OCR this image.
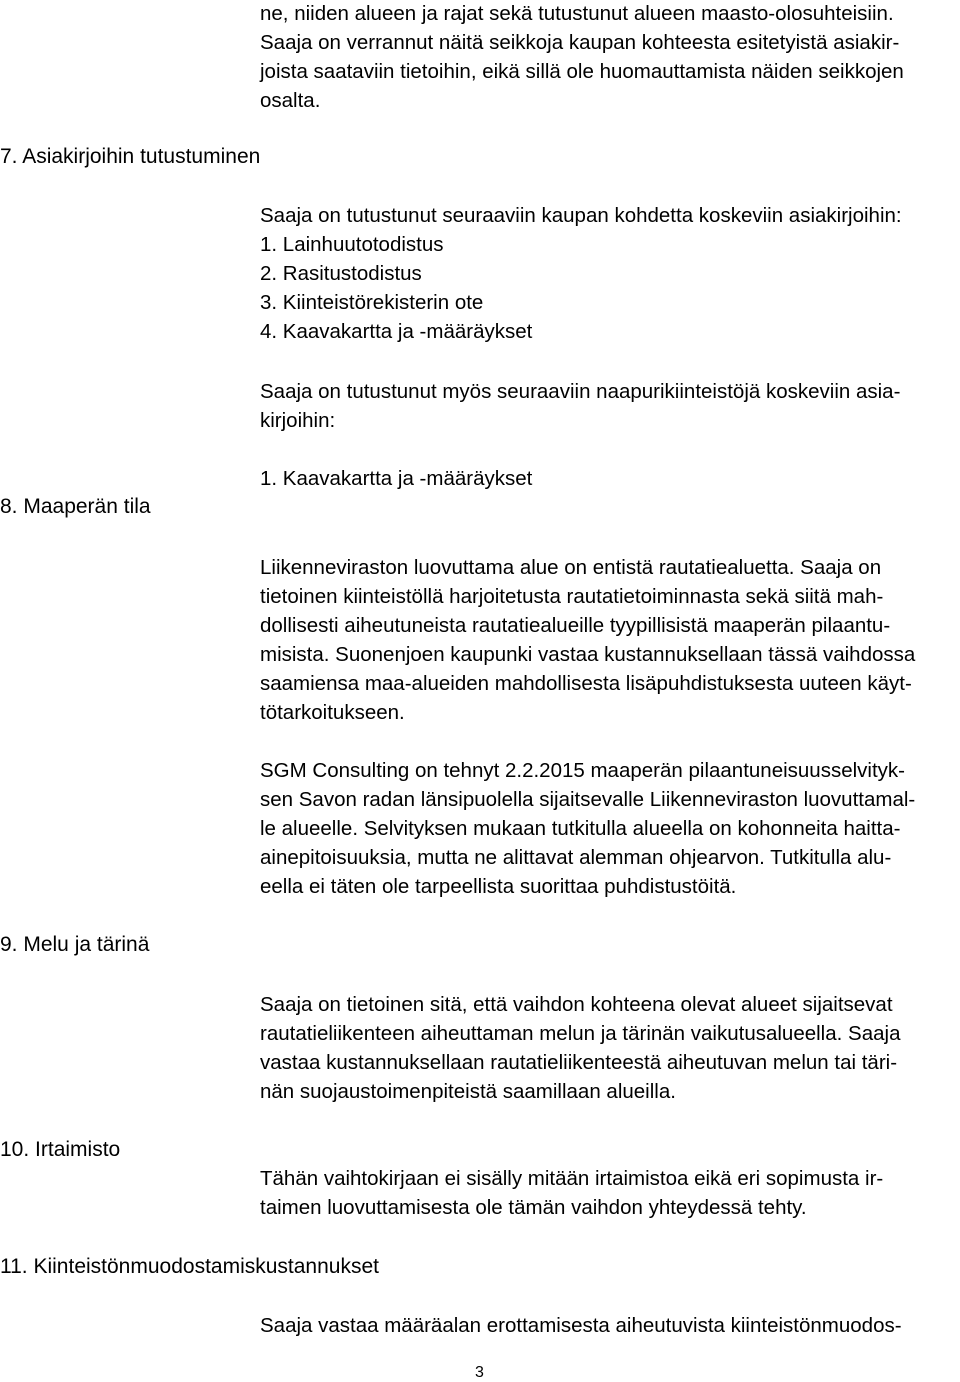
ne, niiden alueen ja rajat sekä tutustunut alueen maasto-olosuhteisiin.
Saaja on verrannut näitä seikkoja kaupan kohteesta esitetyistä asiakir-
joista saataviin tietoihin, eikä sillä ole huomauttamista näiden seikkojen
osalta.
7. Asiakirjoihin tutustuminen
Saaja on tutustunut seuraaviin kaupan kohdetta koskeviin asiakirjoihin:
1. Lainhuutotodistus
2. Rasitustodistus
3. Kiinteistörekisterin ote
4. Kaavakartta ja -määräykset
Saaja on tutustunut myös seuraaviin naapurikiinteistöjä koskeviin asia-
kirjoihin:
1. Kaavakartta ja -määräykset
8. Maaperän tila
Liikenneviraston luovuttama alue on entistä rautatiealuetta. Saaja on
tietoinen kiinteistöllä harjoitetusta rautatietoiminnasta sekä siitä mah-
dollisesti aiheutuneista rautatiealueille tyypillisistä maaperän pilaantu-
misista. Suonenjoen kaupunki vastaa kustannuksellaan tässä vaihdossa
saamiensa maa-alueiden mahdollisesta lisäpuhdistuksesta uuteen käyt-
tötarkoitukseen.
SGM Consulting on tehnyt 2.2.2015 maaperän pilaantuneisuusselvityk-
sen Savon radan länsipuolella sijaitsevalle Liikenneviraston luovuttamal-
le alueelle. Selvityksen mukaan tutkitulla alueella on kohonneita haitta-
ainepitoisuuksia, mutta ne alittavat alemman ohjearvon. Tutkitulla alu-
eella ei täten ole tarpeellista suorittaa puhdistustöitä.
9. Melu ja tärinä
Saaja on tietoinen sitä, että vaihdon kohteena olevat alueet sijaitsevat
rautatieliikenteen aiheuttaman melun ja tärinän vaikutusalueella. Saaja
vastaa kustannuksellaan rautatieliikenteestä aiheutuvan melun tai täri-
nän suojaustoimenpiteistä saamillaan alueilla.
10. Irtaimisto
Tähän vaihtokirjaan ei sisälly mitään irtaimistoa eikä eri sopimusta ir-
taimen luovuttamisesta ole tämän vaihdon yhteydessä tehty.
11. Kiinteistönmuodostamiskustannukset
Saaja vastaa määräalan erottamisesta aiheutuvista kiinteistönmuodos-
3
